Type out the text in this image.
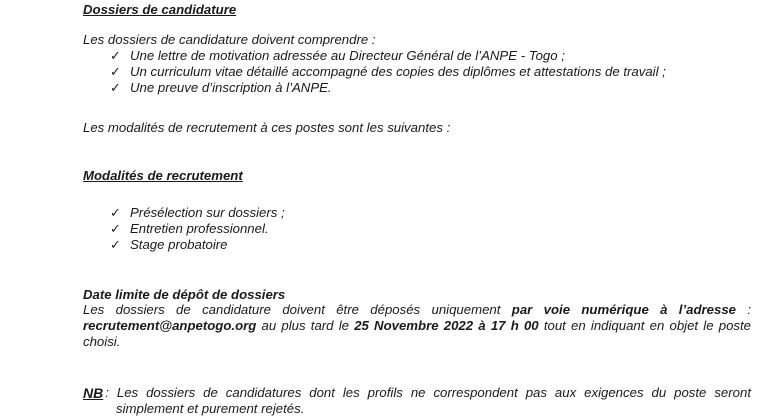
Dossiers de candidature
Les dossiers de candidature doivent comprendre :
✓ Une lettre de motivation adressée au Directeur Général de l’ANPE - Togo ;
✓ Un curriculum vitae détaillé accompagné des copies des diplômes et attestations de travail ;
✓ Une preuve d’inscription à l’ANPE.
Les modalités de recrutement à ces postes sont les suivantes :
Modalités de recrutement
✓ Présélection sur dossiers ;
✓ Entretien professionnel.
✓ Stage probatoire
Date limite de dépôt de dossiers
Les dossiers de candidature doivent être déposés uniquement par voie numérique à l’adresse :
recrutement@anpetogo.org au plus tard le 25 Novembre 2022 à 17 h 00 tout en indiquant en objet le poste
choisi.
NB : Les dossiers de candidatures dont les profils ne correspondent pas aux exigences du poste seront
simplement et purement rejetés.
